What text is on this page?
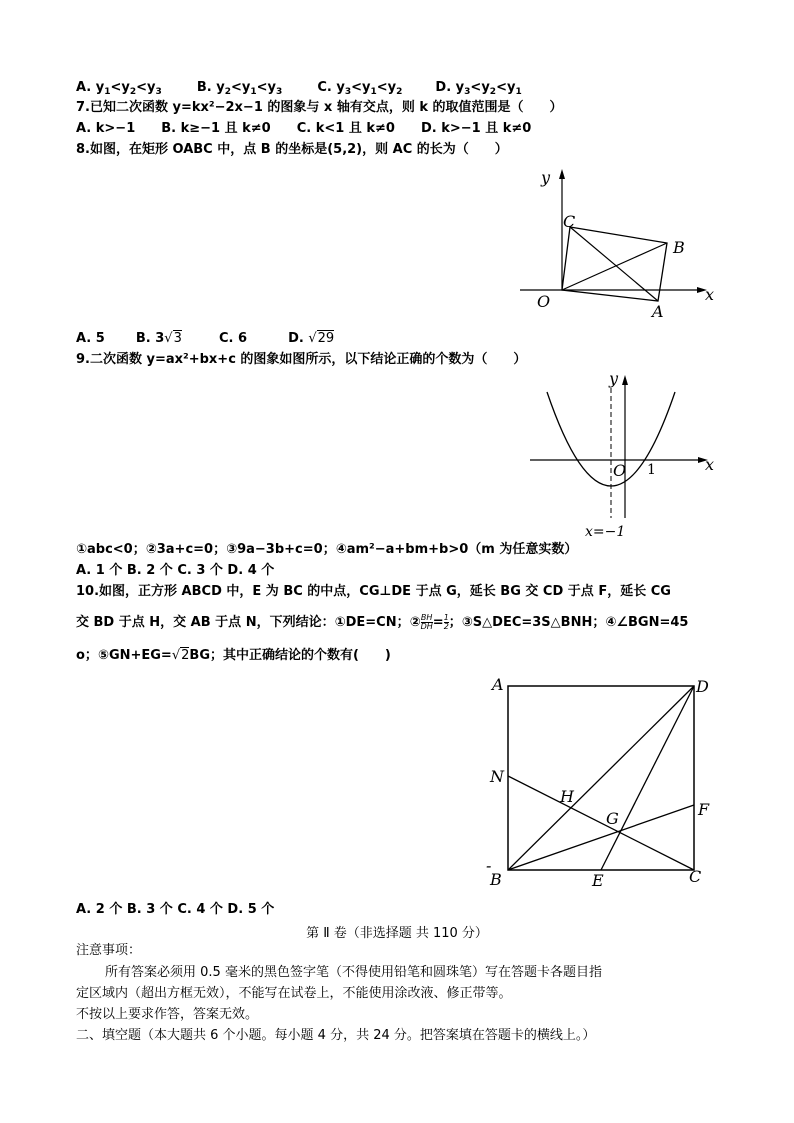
A. $y_1<y_2<y_3$	B. $y_2<y_1<y_3$	C. $y_3<y_1<y_2$	D. $y_3<y_2<y_1$
7.已知二次函数 y=kx²−2x−1 的图象与 x 轴有交点，则 k 的取值范围是（　　）
A. k>−1　　B. k≥−1 且 k≠0　　C. k<1 且 k≠0　　D. k>−1 且 k≠0
8.如图，在矩形 OABC 中，点 B 的坐标是(5,2)，则 AC 的长为（　　）
y
x
O
A
B
C
A. 5 B. 3√3	C. 6	D. √29
9.二次函数 y=ax²+bx+c 的图象如图所示，以下结论正确的个数为（　　）
y
x
O 1
x=−1
①abc<0；②3a+c=0；③9a−3b+c=0；④am²−a+bm+b>0（m 为任意实数）
A. 1 个 B. 2 个 C. 3 个 D. 4 个
10.如图，正方形 ABCD 中，E 为 BC 的中点，CG⊥DE 于点 G，延长 BG 交 CD 于点 F，延长 CG
交 BD 于点 H，交 AB 于点 N，下列结论：①DE=CN；② $\frac{BH}{DH} = \frac{1}{2}$ ；③S△DEC=3S△BNH；④∠BGN=45
o；⑤GN+EG=√2BG；其中正确结论的个数有(　　)
A	D
N
H
G	F
-
B	E	C
A. 2 个 B. 3 个 C. 4 个 D. 5 个
第 Ⅱ 卷（非选择题 共 110 分）
注意事项：
所有答案必须用 0.5 毫米的黑色签字笔（不得使用铅笔和圆珠笔）写在答题卡各题目指
定区域内（超出方框无效），不能写在试卷上，不能使用涂改液、修正带等。
不按以上要求作答，答案无效。
二、填空题（本大题共 6 个小题。每小题 4 分，共 24 分。把答案填在答题卡的横线上。）
